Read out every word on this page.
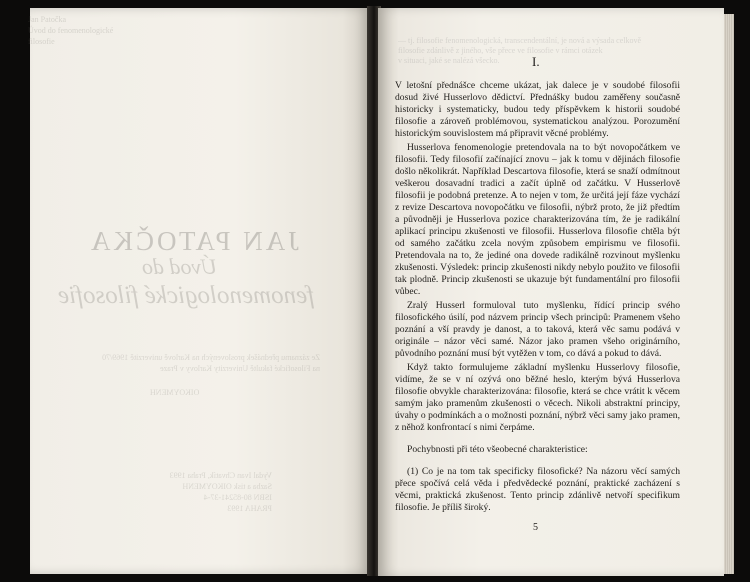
Jan Patočka
Úvod do fenomenologické
filosofie
JAN PATOČKA
Úvod do
fenomenologické filosofie
Ze záznamu přednášek proslovených na Karlově univerzitě 1969/70
na Filosofické fakultě Univerzity Karlovy v Praze
OIKOYMENH
Vydal Ivan Chvatík, Praha 1993
Sazba a tisk OIKOYMENH
ISBN 80-85241-37-4
PRAHA 1993
— tj. filosofie fenomenologická, transcendentální, je nová a výsada celkově
filosofie zdánlivě z jiného, vše přece ve filosofie v rámci otázek
v situaci, jaké se nalézá všecko.	I.

V letošní přednášce chceme ukázat, jak dalece je v soudobé filosofii dosud živé Husserlovo dědictví. Přednášky budou zaměřeny současně historicky i systematicky, budou tedy příspěvkem k historii soudobé filosofie a zároveň problémovou, systematickou analýzou. Porozumění historickým souvislostem má připravit věcné problémy.

Husserlova fenomenologie pretendovala na to být novopočátkem ve filosofii. Tedy filosofií začínající znovu – jak k tomu v dějinách filosofie došlo několikrát. Například Descartova filosofie, která se snaží odmítnout veškerou dosavadní tradici a začít úplně od začátku. V Husserlově filosofii je podobná pretenze. A to nejen v tom, že určitá její fáze vychází z revize Descartova novopočátku ve filosofii, nýbrž proto, že již předtím a původněji je Husserlova pozice charakterizována tím, že je radikální aplikací principu zkušenosti ve filosofii. Husserlova filosofie chtěla být od samého začátku zcela novým způsobem empirismu ve filosofii. Pretendovala na to, že jediné ona dovede radikálně rozvinout myšlenku zkušenosti. Výsledek: princip zkušenosti nikdy nebylo použito ve filosofii tak plodně. Princip zkušenosti se ukazuje být fundamentální pro filosofii vůbec.

Zralý Husserl formuloval tuto myšlenku, řídící princip svého filosofického úsilí, pod názvem princip všech principů: Pramenem všeho poznání a vší pravdy je danost, a to taková, která věc samu podává v originále – názor věci samé. Názor jako pramen všeho originárního, původního poznání musí být vytěžen v tom, co dává a pokud to dává.

Když takto formulujeme základní myšlenku Husserlovy filosofie, vidíme, že se v ní ozývá ono běžné heslo, kterým bývá Husserlova filosofie obvykle charakterizována: filosofie, která se chce vrátit k věcem samým jako pramenům zkušenosti o věcech. Nikoli abstraktní principy, úvahy o podmínkách a o možnosti poznání, nýbrž věci samy jako pramen, z něhož konfrontací s nimi čerpáme.

Pochybnosti při této všeobecné charakteristice:

(1) Co je na tom tak specificky filosofické? Na názoru věcí samých přece spočívá celá věda i předvědecké poznání, praktické zacházení s věcmi, praktická zkušenost. Tento princip zdánlivě netvoří specifikum filosofie. Je příliš široký.

5
